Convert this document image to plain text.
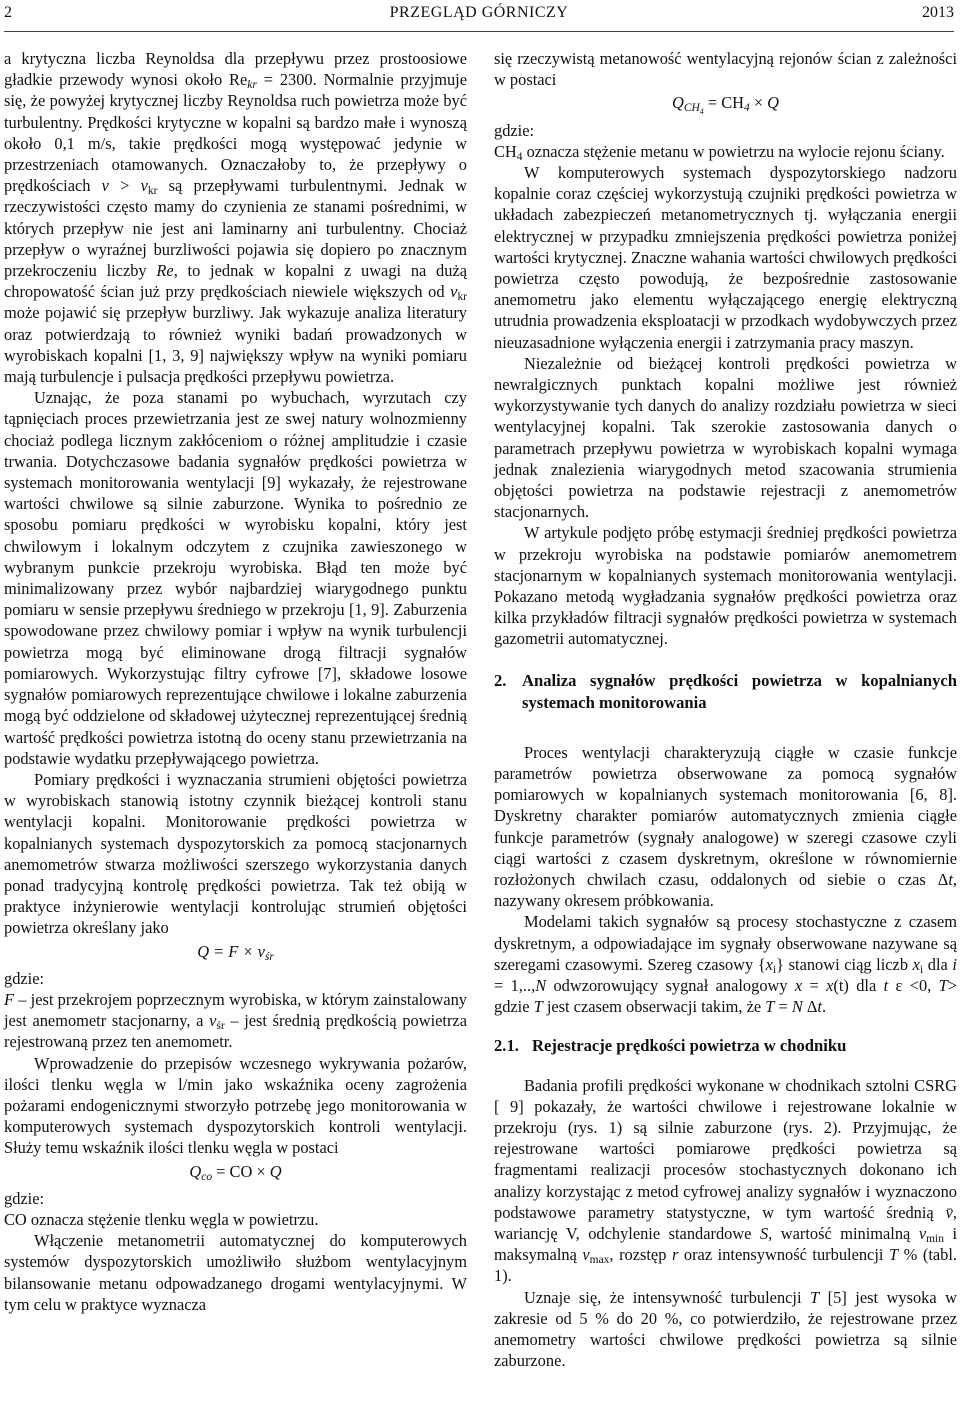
2	PRZEGLĄD GÓRNICZY	2013

a krytyczna liczba Reynoldsa dla przepływu przez prostoosiowe gładkie przewody wynosi około $Re_{kr} = 2300$. Normalnie przyjmuje się, że powyżej krytycznej liczby Reynoldsa ruch powietrza może być turbulentny. Prędkości krytyczne w kopalni są bardzo małe i wynoszą około 0,1 m/s, takie prędkości mogą występować jedynie w przestrzeniach otamowanych. Oznaczałoby to, że przepływy o prędkościach $v > v_{kr}$ są przepływami turbulentnymi. Jednak w rzeczywistości często mamy do czynienia ze stanami pośrednimi, w których przepływ nie jest ani laminarny ani turbulentny. Chociaż przepływ o wyraźnej burzliwości pojawia się dopiero po znacznym przekroczeniu liczby Re, to jednak w kopalni z uwagi na dużą chropowatość ścian już przy prędkościach niewiele większych od $v_{kr}$ może pojawić się przepływ burzliwy. Jak wykazuje analiza literatury oraz potwierdzają to również wyniki badań prowadzonych w wyrobiskach kopalni [1, 3, 9] największy wpływ na wyniki pomiaru mają turbulencje i pulsacja prędkości przepływu powietrza.

Uznając, że poza stanami po wybuchach, wyrzutach czy tąpnięciach proces przewietrzania jest ze swej natury wolnozmienny chociaż podlega licznym zakłóceniom o różnej amplitudzie i czasie trwania. Dotychczasowe badania sygnałów prędkości powietrza w systemach monitorowania wentylacji [9] wykazały, że rejestrowane wartości chwilowe są silnie zaburzone. Wynika to pośrednio ze sposobu pomiaru prędkości w wyrobisku kopalni, który jest chwilowym i lokalnym odczytem z czujnika zawieszonego w wybranym punkcie przekroju wyrobiska. Błąd ten może być minimalizowany przez wybór najbardziej wiarygodnego punktu pomiaru w sensie przepływu średniego w przekroju [1, 9]. Zaburzenia spowodowane przez chwilowy pomiar i wpływ na wynik turbulencji powietrza mogą być eliminowane drogą filtracji sygnałów pomiarowych. Wykorzystując filtry cyfrowe [7], składowe losowe sygnałów pomiarowych reprezentujące chwilowe i lokalne zaburzenia mogą być oddzielone od składowej użytecznej reprezentującej średnią wartość prędkości powietrza istotną do oceny stanu przewietrzania na podstawie wydatku przepływającego powietrza.

Pomiary prędkości i wyznaczania strumieni objętości powietrza w wyrobiskach stanowią istotny czynnik bieżącej kontroli stanu wentylacji kopalni. Monitorowanie prędkości powietrza w kopalnianych systemach dyspozytorskich za pomocą stacjonarnych anemometrów stwarza możliwości szerszego wykorzystania danych ponad tradycyjną kontrolę prędkości powietrza. Tak też obiją w praktyce inżynierowie wentylacji kontrolując strumień objętości powietrza określany jako

$Q = F \times v_{śr}$

gdzie:

F – jest przekrojem poprzecznym wyrobiska, w którym zainstalowany jest anemometr stacjonarny, a $v_{śr}$ – jest średnią prędkością powietrza rejestrowaną przez ten anemometr.

Wprowadzenie do przepisów wczesnego wykrywania pożarów, ilości tlenku węgla w l/min jako wskaźnika oceny zagrożenia pożarami endogenicznymi stworzyło potrzebę jego monitorowania w komputerowych systemach dyspozytorskich kontroli wentylacji. Służy temu wskaźnik ilości tlenku węgla w postaci

$Q_{co}$ = CO × Q

gdzie:

CO oznacza stężenie tlenku węgla w powietrzu.

Włączenie metanometrii automatycznej do komputerowych systemów dyspozytorskich umożliwiło służbom wentylacyjnym bilansowanie metanu odpowadzanego drogami wentylacyjnymi. W tym celu w praktyce wyznacza

się rzeczywistą metanowość wentylacyjną rejonów ścian z zależności w postaci

$Q_{CH_4} = CH_4 \times Q$

gdzie:

$CH_4$ oznacza stężenie metanu w powietrzu na wylocie rejonu ściany.

W komputerowych systemach dyspozytorskiego nadzoru kopalnie coraz częściej wykorzystują czujniki prędkości powietrza w układach zabezpieczeń metanometrycznych tj. wyłączania energii elektrycznej w przypadku zmniejszenia prędkości powietrza poniżej wartości krytycznej. Znaczne wahania wartości chwilowych prędkości powietrza często powodują, że bezpośrednie zastosowanie anemometru jako elementu wyłączającego energię elektryczną utrudnia prowadzenia eksploatacji w przodkach wydobywczych przez nieuzasadnione wyłączenia energii i zatrzymania pracy maszyn.

Niezależnie od bieżącej kontroli prędkości powietrza w newralgicznych punktach kopalni możliwe jest również wykorzystywanie tych danych do analizy rozdziału powietrza w sieci wentylacyjnej kopalni. Tak szerokie zastosowania danych o parametrach przepływu powietrza w wyrobiskach kopalni wymaga jednak znalezienia wiarygodnych metod szacowania strumienia objętości powietrza na podstawie rejestracji z anemometrów stacjonarnych.

W artykule podjęto próbę estymacji średniej prędkości powietrza w przekroju wyrobiska na podstawie pomiarów anemometrem stacjonarnym w kopalnianych systemach monitorowania wentylacji. Pokazano metodą wygładzania sygnałów prędkości powietrza oraz kilka przykładów filtracji sygnałów prędkości powietrza w systemach gazometrii automatycznej.

2. Analiza sygnałów prędkości powietrza w kopalnianych systemach monitorowania

Proces wentylacji charakteryzują ciągłe w czasie funkcje parametrów powietrza obserwowane za pomocą sygnałów pomiarowych w kopalnianych systemach monitorowania [6, 8]. Dyskretny charakter pomiarów automatycznych zmienia ciągłe funkcje parametrów (sygnały analogowe) w szeregi czasowe czyli ciągi wartości z czasem dyskretnym, określone w równomiernie rozłożonych chwilach czasu, oddalonych od siebie o czas Δt, nazywany okresem próbkowania.

Modelami takich sygnałów są procesy stochastyczne z czasem dyskretnym, a odpowiadające im sygnały obserwowane nazywane są szeregami czasowymi. Szereg czasowy $\{x_i\}$ stanowi ciąg liczb $x_i$ dla i = 1,..,N odwzorowujący sygnał analogowy x = x(t) dla t ε <0, T> gdzie T jest czasem obserwacji takim, że T = N Δt.

2.1. Rejestracje prędkości powietrza w chodniku

Badania profili prędkości wykonane w chodnikach sztolni CSRG [ 9] pokazały, że wartości chwilowe i rejestrowane lokalnie w przekroju (rys. 1) są silnie zaburzone (rys. 2). Przyjmując, że rejestrowane wartości pomiarowe prędkości powietrza są fragmentami realizacji procesów stochastycznych dokonano ich analizy korzystając z metod cyfrowej analizy sygnałów i wyznaczono podstawowe parametry statystyczne, w tym wartość średnią v̄, wariancję V, odchylenie standardowe S, wartość minimalną $v_{min}$ i maksymalną $v_{max}$, rozstęp r oraz intensywność turbulencji T % (tabl. 1).

Uznaje się, że intensywność turbulencji T [5] jest wysoka w zakresie od 5 % do 20 %, co potwierdziło, że rejestrowane przez anemometry wartości chwilowe prędkości powietrza są silnie zaburzone.
